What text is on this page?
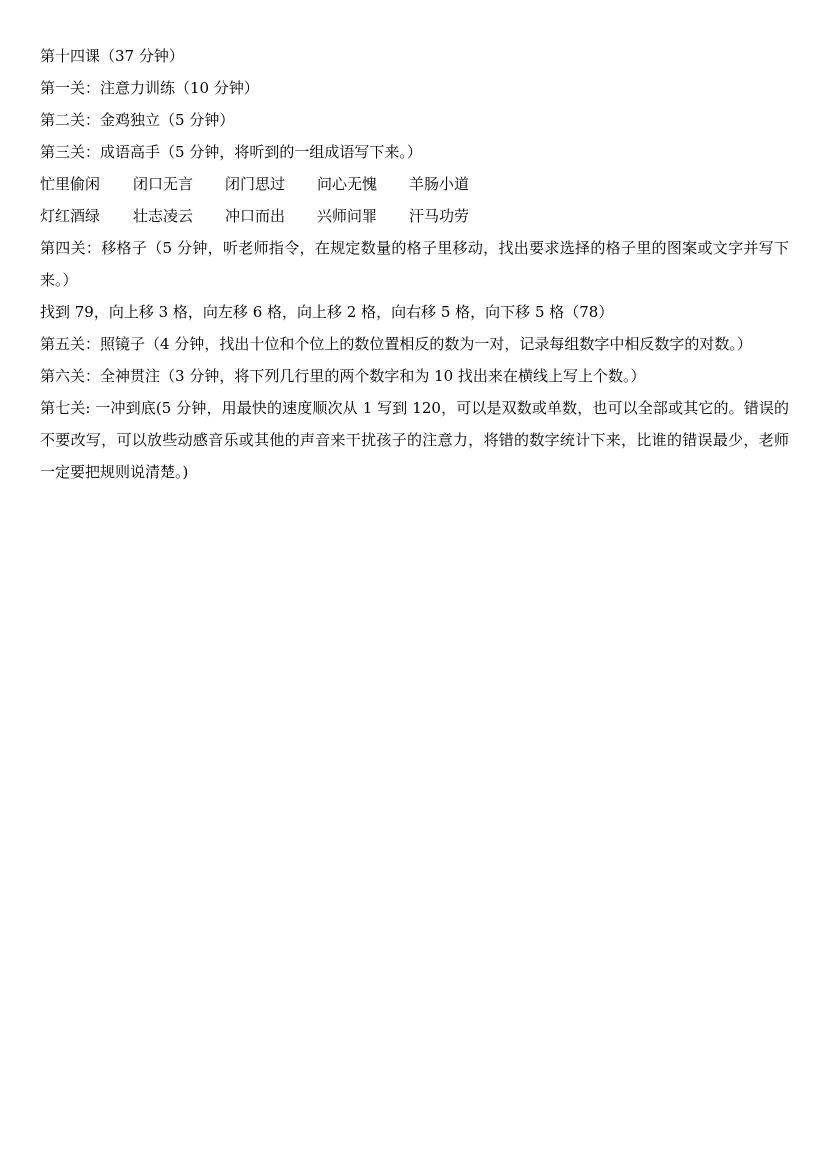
第十四课（37 分钟）

第一关：注意力训练（10 分钟）

第二关：金鸡独立（5 分钟）

第三关：成语高手（5 分钟，将听到的一组成语写下来。）

忙里偷闲	闭口无言	闭门思过	问心无愧	羊肠小道
灯红酒绿	壮志凌云	冲口而出	兴师问罪	汗马功劳

第四关：移格子（5 分钟，听老师指令，在规定数量的格子里移动，找出要求选择的格子里的图案或文字并写下来。）

找到 79，向上移 3 格，向左移 6 格，向上移 2 格，向右移 5 格，向下移 5 格（78）

第五关：照镜子（4 分钟，找出十位和个位上的数位置相反的数为一对，记录每组数字中相反数字的对数。）

第六关：全神贯注（3 分钟，将下列几行里的两个数字和为 10 找出来在横线上写上个数。）

第七关: 一冲到底(5 分钟，用最快的速度顺次从 1 写到 120，可以是双数或单数，也可以全部或其它的。错误的不要改写，可以放些动感音乐或其他的声音来干扰孩子的注意力，将错的数字统计下来，比谁的错误最少，老师一定要把规则说清楚。)
